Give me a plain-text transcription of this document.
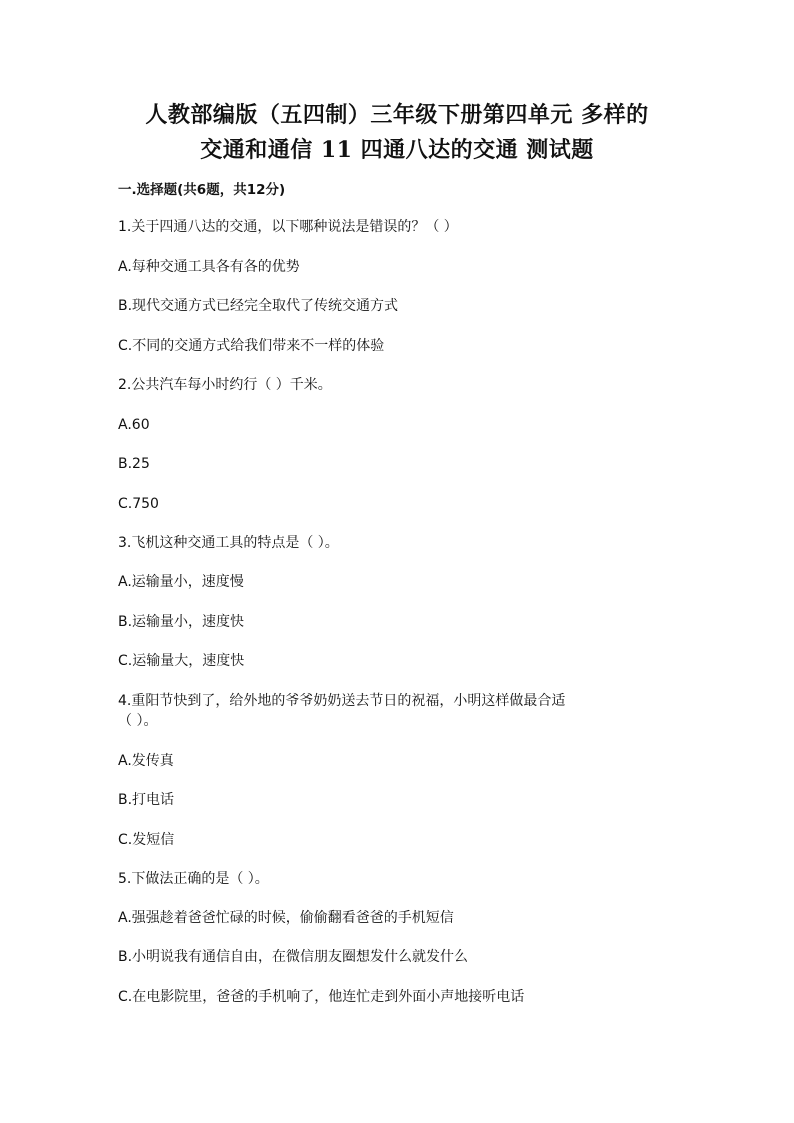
人教部编版（五四制）三年级下册第四单元 多样的
交通和通信 11 四通八达的交通 测试题
一.选择题(共6题，共12分)
1.关于四通八达的交通，以下哪种说法是错误的？（ ）
A.每种交通工具各有各的优势
B.现代交通方式已经完全取代了传统交通方式
C.不同的交通方式给我们带来不一样的体验
2.公共汽车每小时约行（ ）千米。
A.60
B.25
C.750
3.飞机这种交通工具的特点是（ ）。
A.运输量小，速度慢
B.运输量小，速度快
C.运输量大，速度快
4.重阳节快到了，给外地的爷爷奶奶送去节日的祝福，小明这样做最合适
（ ）。
A.发传真
B.打电话
C.发短信
5.下做法正确的是（ ）。
A.强强趁着爸爸忙碌的时候，偷偷翻看爸爸的手机短信
B.小明说我有通信自由，在微信朋友圈想发什么就发什么
C.在电影院里，爸爸的手机响了，他连忙走到外面小声地接听电话
